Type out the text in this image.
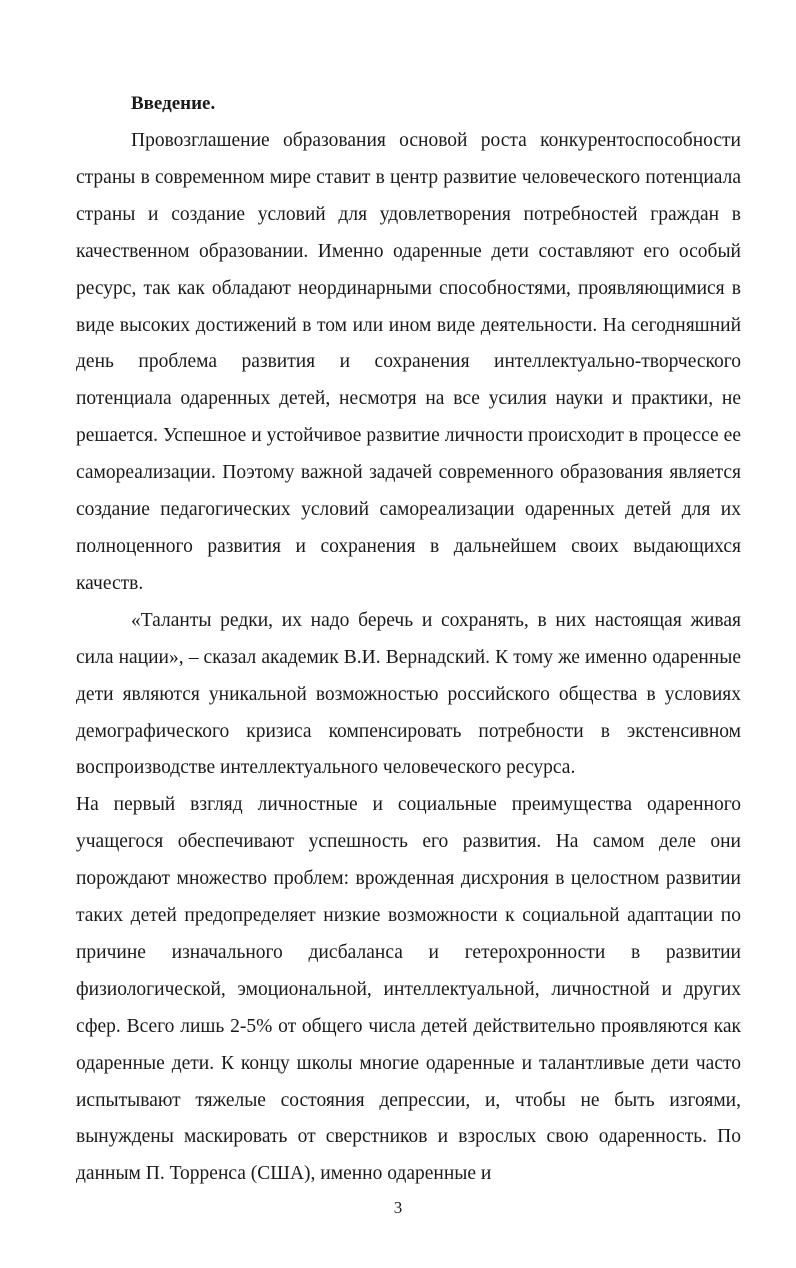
Введение.

Провозглашение образования основой роста конкурентоспособности страны в современном мире ставит в центр развитие человеческого потенциала страны и создание условий для удовлетворения потребностей граждан в качественном образовании. Именно одаренные дети составляют его особый ресурс, так как обладают неординарными способностями, проявляющимися в виде высоких достижений в том или ином виде деятельности. На сегодняшний день проблема развития и сохранения интеллектуально-творческого потенциала одаренных детей, несмотря на все усилия науки и практики, не решается. Успешное и устойчивое развитие личности происходит в процессе ее самореализации. Поэтому важной задачей современного образования является создание педагогических условий самореализации одаренных детей для их полноценного развития и сохранения в дальнейшем своих выдающихся качеств.

«Таланты редки, их надо беречь и сохранять, в них настоящая живая сила нации», – сказал академик В.И. Вернадский. К тому же именно одаренные дети являются уникальной возможностью российского общества в условиях демографического кризиса компенсировать потребности в экстенсивном воспроизводстве интеллектуального человеческого ресурса.

На первый взгляд личностные и социальные преимущества одаренного учащегося обеспечивают успешность его развития. На самом деле они порождают множество проблем: врожденная дисхрония в целостном развитии таких детей предопределяет низкие возможности к социальной адаптации по причине изначального дисбаланса и гетерохронности в развитии физиологической, эмоциональной, интеллектуальной, личностной и других сфер. Всего лишь 2-5% от общего числа детей действительно проявляются как одаренные дети. К концу школы многие одаренные и талантливые дети часто испытывают тяжелые состояния депрессии, и, чтобы не быть изгоями, вынуждены маскировать от сверстников и взрослых свою одаренность. По данным П. Торренса (США), именно одаренные и

3
